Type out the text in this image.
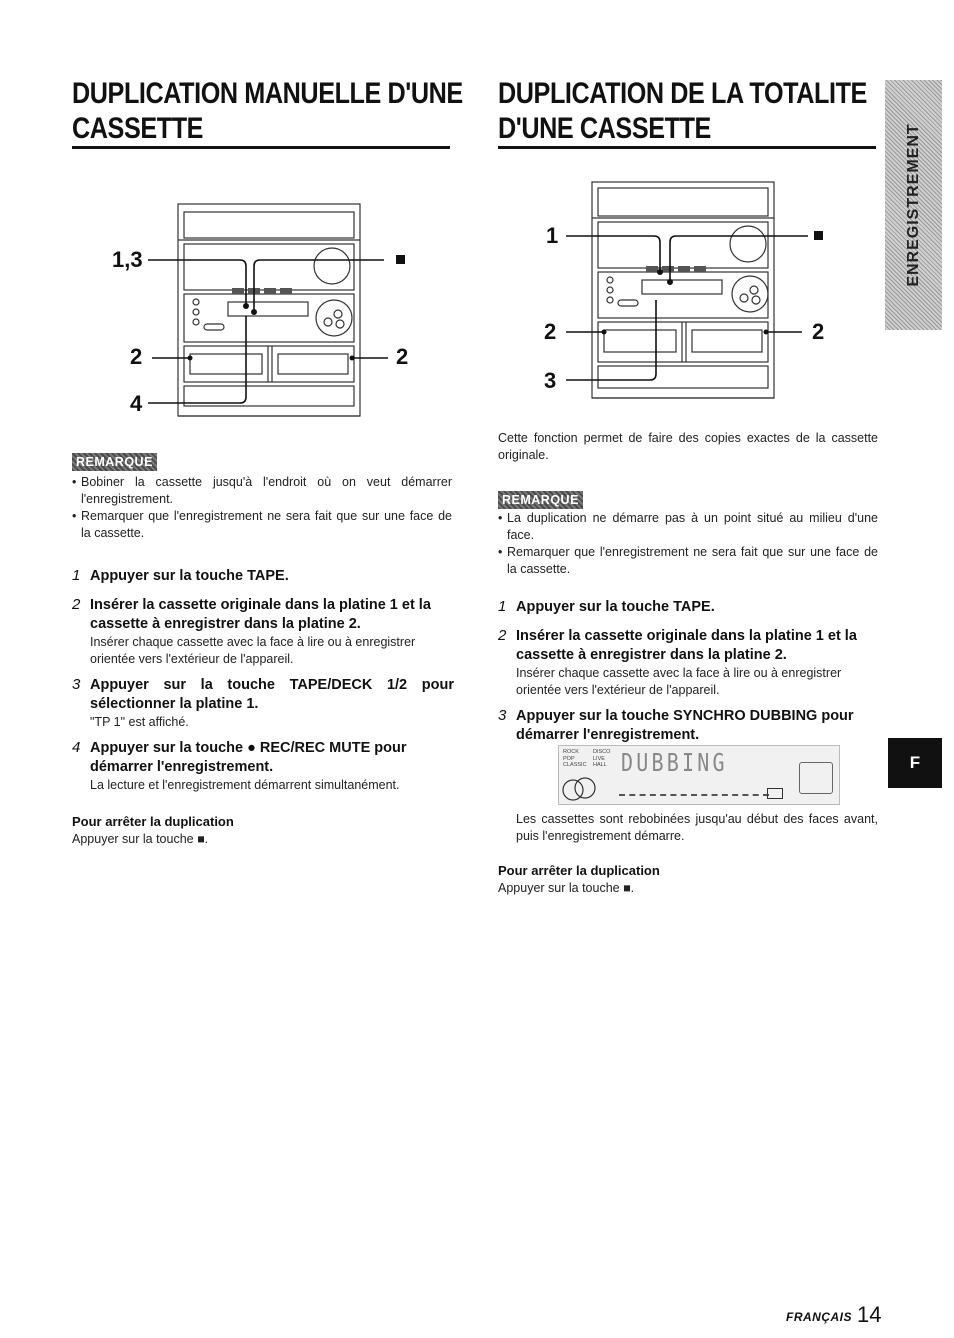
DUPLICATION MANUELLE D'UNE
CASSETTE
1,3
2	2
4
REMARQUE
• Bobiner la cassette jusqu'à l'endroit où on veut démarrer l'enregistrement.
• Remarquer que l'enregistrement ne sera fait que sur une face de la cassette.
1 Appuyer sur la touche TAPE.
2 Insérer la cassette originale dans la platine 1 et la cassette à enregistrer dans la platine 2.
Insérer chaque cassette avec la face à lire ou à enregistrer orientée vers l'extérieur de l'appareil.
3 Appuyer sur la touche TAPE/DECK 1/2 pour sélectionner la platine 1.
"TP 1" est affiché.
4 Appuyer sur la touche ● REC/REC MUTE pour démarrer l'enregistrement.
La lecture et l'enregistrement démarrent simultanément.
Pour arrêter la duplication
Appuyer sur la touche ■.
DUPLICATION DE LA TOTALITE
D'UNE CASSETTE
1
2	2
3
Cette fonction permet de faire des copies exactes de la cassette originale.
REMARQUE
• La duplication ne démarre pas à un point situé au milieu d'une face.
• Remarquer que l'enregistrement ne sera fait que sur une face de la cassette.
1 Appuyer sur la touche TAPE.
2 Insérer la cassette originale dans la platine 1 et la cassette à enregistrer dans la platine 2.
Insérer chaque cassette avec la face à lire ou à enregistrer orientée vers l'extérieur de l'appareil.
3 Appuyer sur la touche SYNCHRO DUBBING pour démarrer l'enregistrement.
ROCK	DISCO
POP	LIVE
CLASSIC	HALL DUBBING
Les cassettes sont rebobinées jusqu'au début des faces avant, puis l'enregistrement démarre.
Pour arrêter la duplication
Appuyer sur la touche ■.
ENREGISTREMENT
F
FRANÇAIS 14
